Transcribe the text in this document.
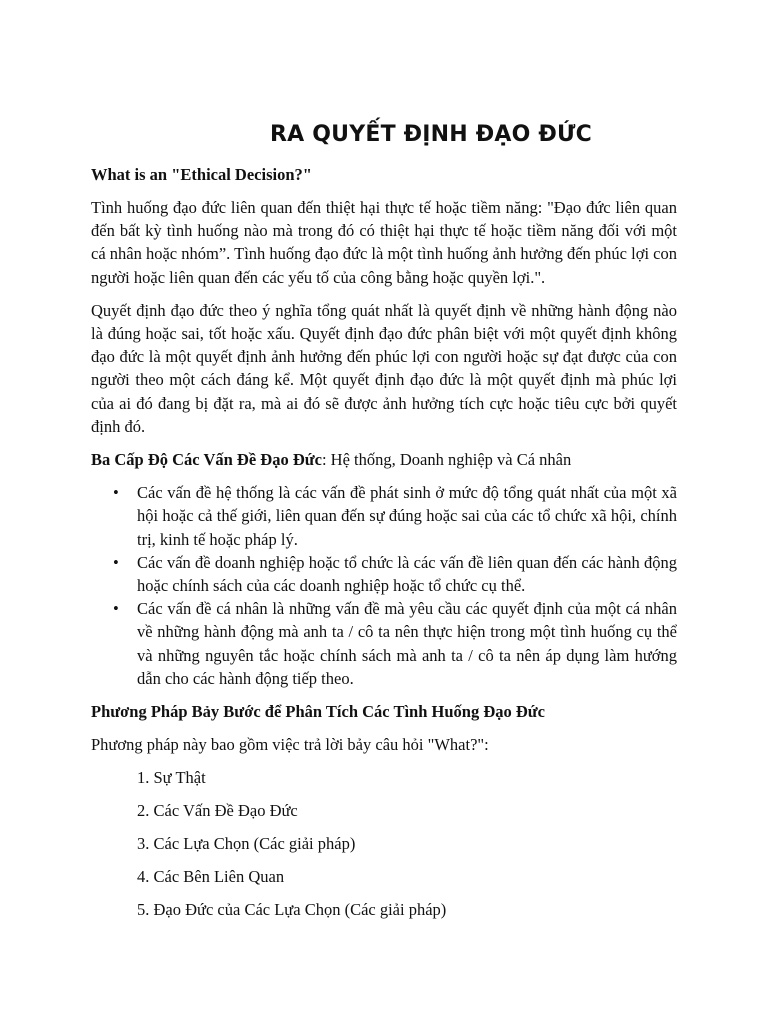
RA QUYẾT ĐỊNH ĐẠO ĐỨC
What is an "Ethical Decision?"

Tình huống đạo đức liên quan đến thiệt hại thực tế hoặc tiềm năng: "Đạo đức liên quan đến bất kỳ tình huống nào mà trong đó có thiệt hại thực tế hoặc tiềm năng đối với một cá nhân hoặc nhóm”. Tình huống đạo đức là một tình huống ảnh hưởng đến phúc lợi con người hoặc liên quan đến các yếu tố của công bằng hoặc quyền lợi.".

Quyết định đạo đức theo ý nghĩa tổng quát nhất là quyết định về những hành động nào là đúng hoặc sai, tốt hoặc xấu. Quyết định đạo đức phân biệt với một quyết định không đạo đức là một quyết định ảnh hưởng đến phúc lợi con người hoặc sự đạt được của con người theo một cách đáng kể. Một quyết định đạo đức là một quyết định mà phúc lợi của ai đó đang bị đặt ra, mà ai đó sẽ được ảnh hưởng tích cực hoặc tiêu cực bởi quyết định đó.

Ba Cấp Độ Các Vấn Đề Đạo Đức: Hệ thống, Doanh nghiệp và Cá nhân

• Các vấn đề hệ thống là các vấn đề phát sinh ở mức độ tổng quát nhất của một xã hội hoặc cả thế giới, liên quan đến sự đúng hoặc sai của các tổ chức xã hội, chính trị, kinh tế hoặc pháp lý.
• Các vấn đề doanh nghiệp hoặc tổ chức là các vấn đề liên quan đến các hành động hoặc chính sách của các doanh nghiệp hoặc tổ chức cụ thể.
• Các vấn đề cá nhân là những vấn đề mà yêu cầu các quyết định của một cá nhân về những hành động mà anh ta / cô ta nên thực hiện trong một tình huống cụ thể và những nguyên tắc hoặc chính sách mà anh ta / cô ta nên áp dụng làm hướng dẫn cho các hành động tiếp theo.
Phương Pháp Bảy Bước để Phân Tích Các Tình Huống Đạo Đức

Phương pháp này bao gồm việc trả lời bảy câu hỏi "What?":

1. Sự Thật
2. Các Vấn Đề Đạo Đức
3. Các Lựa Chọn (Các giải pháp)
4. Các Bên Liên Quan
5. Đạo Đức của Các Lựa Chọn (Các giải pháp)
